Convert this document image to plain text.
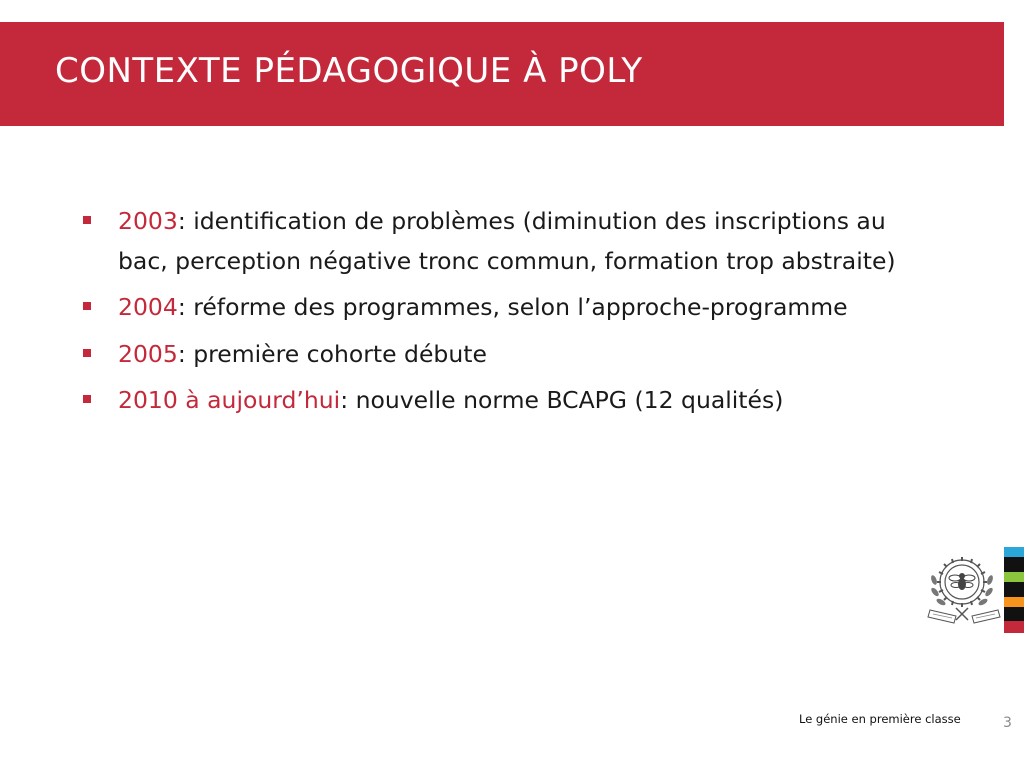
CONTEXTE PÉDAGOGIQUE À POLY
2003: identification de problèmes (diminution des inscriptions au bac, perception négative tronc commun, formation trop abstraite)
2004: réforme des programmes, selon l’approche-programme
2005: première cohorte débute
2010 à aujourd’hui: nouvelle norme BCAPG (12 qualités)
Le génie en première classe	3
